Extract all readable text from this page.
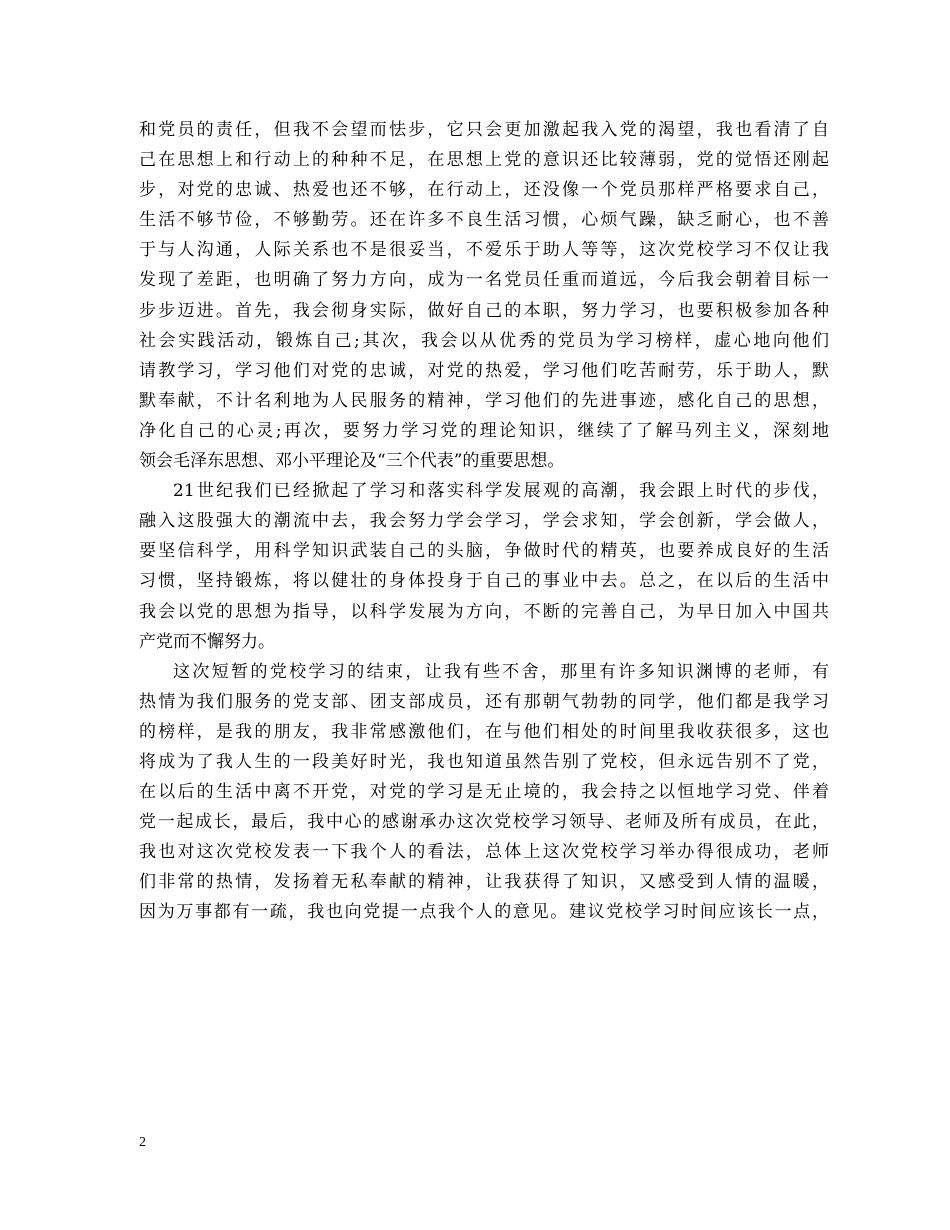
和党员的责任，但我不会望而怯步，它只会更加激起我入党的渴望，我也看清了自
己在思想上和行动上的种种不足，在思想上党的意识还比较薄弱，党的觉悟还刚起
步，对党的忠诚、热爱也还不够，在行动上，还没像一个党员那样严格要求自己，
生活不够节俭，不够勤劳。还在许多不良生活习惯，心烦气躁，缺乏耐心，也不善
于与人沟通，人际关系也不是很妥当，不爱乐于助人等等，这次党校学习不仅让我
发现了差距，也明确了努力方向，成为一名党员任重而道远，今后我会朝着目标一
步步迈进。首先，我会彻身实际，做好自己的本职，努力学习，也要积极参加各种
社会实践活动，锻炼自己;其次，我会以从优秀的党员为学习榜样，虚心地向他们
请教学习，学习他们对党的忠诚，对党的热爱，学习他们吃苦耐劳，乐于助人，默
默奉献，不计名利地为人民服务的精神，学习他们的先进事迹，感化自己的思想，
净化自己的心灵;再次，要努力学习党的理论知识，继续了了解马列主义，深刻地
领会毛泽东思想、邓小平理论及“三个代表”的重要思想。
21世纪我们已经掀起了学习和落实科学发展观的高潮，我会跟上时代的步伐，
融入这股强大的潮流中去，我会努力学会学习，学会求知，学会创新，学会做人，
要坚信科学，用科学知识武装自己的头脑，争做时代的精英，也要养成良好的生活
习惯，坚持锻炼，将以健壮的身体投身于自己的事业中去。总之，在以后的生活中
我会以党的思想为指导，以科学发展为方向，不断的完善自己，为早日加入中国共
产党而不懈努力。
这次短暂的党校学习的结束，让我有些不舍，那里有许多知识渊博的老师，有
热情为我们服务的党支部、团支部成员，还有那朝气勃勃的同学，他们都是我学习
的榜样，是我的朋友，我非常感激他们，在与他们相处的时间里我收获很多，这也
将成为了我人生的一段美好时光，我也知道虽然告别了党校，但永远告别不了党，
在以后的生活中离不开党，对党的学习是无止境的，我会持之以恒地学习党、伴着
党一起成长，最后，我中心的感谢承办这次党校学习领导、老师及所有成员，在此，
我也对这次党校发表一下我个人的看法，总体上这次党校学习举办得很成功，老师
们非常的热情，发扬着无私奉献的精神，让我获得了知识，又感受到人情的温暖，
因为万事都有一疏，我也向党提一点我个人的意见。建议党校学习时间应该长一点，
2
